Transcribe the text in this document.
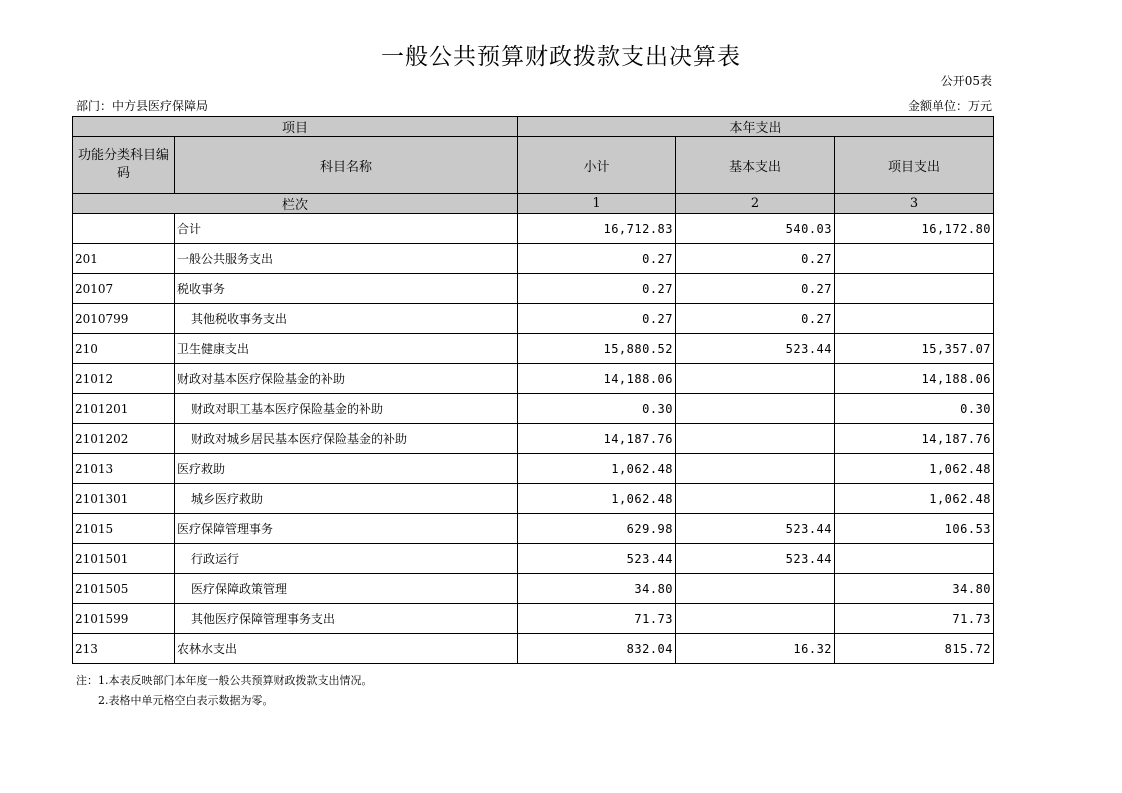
一般公共预算财政拨款支出决算表
公开05表
部门：中方县医疗保障局	金额单位：万元
项目		本年支出		
功能分类科目编码	科目名称	小计	基本支出	项目支出
栏次		1	2	3
	合计	16,712.83	540.03	16,172.80
201	一般公共服务支出	0.27	0.27	
20107	税收事务	0.27	0.27	
2010799	其他税收事务支出	0.27	0.27	
210	卫生健康支出	15,880.52	523.44	15,357.07
21012	财政对基本医疗保险基金的补助	14,188.06		14,188.06
2101201	财政对职工基本医疗保险基金的补助	0.30		0.30
2101202	财政对城乡居民基本医疗保险基金的补助	14,187.76		14,187.76
21013	医疗救助	1,062.48		1,062.48
2101301	城乡医疗救助	1,062.48		1,062.48
21015	医疗保障管理事务	629.98	523.44	106.53
2101501	行政运行	523.44	523.44	
2101505	医疗保障政策管理	34.80		34.80
2101599	其他医疗保障管理事务支出	71.73		71.73
213	农林水支出	832.04	16.32	815.72
注：1.本表反映部门本年度一般公共预算财政拨款支出情况。
2.表格中单元格空白表示数据为零。
